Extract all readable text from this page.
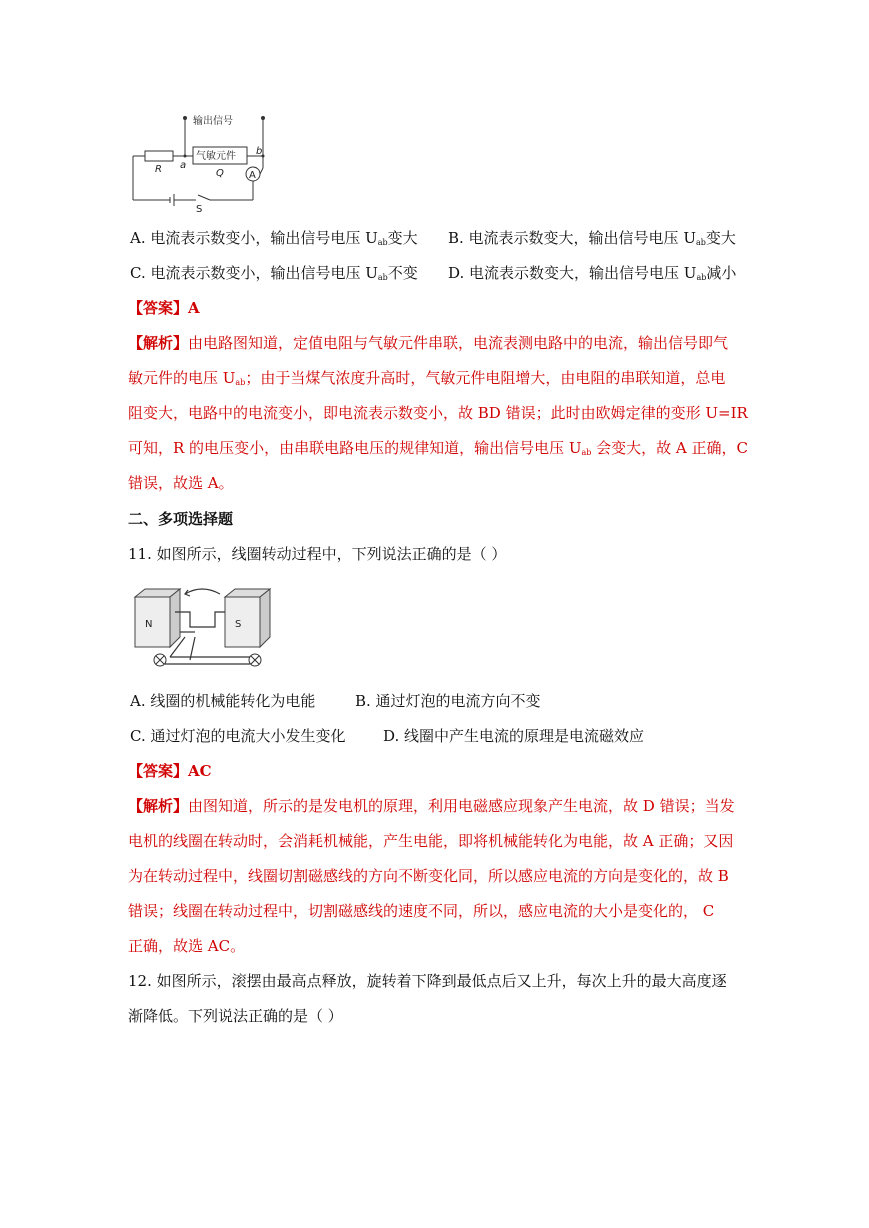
输出信号
气敏元件
R a
b
Q	A
S
A. 电流表示数变小，输出信号电压 $U_{ab}$变大 B. 电流表示数变大，输出信号电压 $U_{ab}$变大
C. 电流表示数变小，输出信号电压 $U_{ab}$不变 D. 电流表示数变大，输出信号电压 $U_{ab}$减小
【答案】A
【解析】由电路图知道，定值电阻与气敏元件串联，电流表测电路中的电流，输出信号即气
敏元件的电压 $U_{ab}$；由于当煤气浓度升高时，气敏元件电阻增大，由电阻的串联知道，总电
阻变大，电路中的电流变小，即电流表示数变小，故 BD 错误；此时由欧姆定律的变形 U=IR
可知，R 的电压变小，由串联电路电压的规律知道，输出信号电压 $U_{ab}$ 会变大，故 A 正确，C
错误，故选 A。
二、多项选择题
11. 如图所示，线圈转动过程中，下列说法正确的是（ ）
N	S
A. 线圈的机械能转化为电能	B. 通过灯泡的电流方向不变
C. 通过灯泡的电流大小发生变化	D. 线圈中产生电流的原理是电流磁效应
【答案】AC
【解析】由图知道，所示的是发电机的原理，利用电磁感应现象产生电流，故 D 错误；当发
电机的线圈在转动时，会消耗机械能，产生电能，即将机械能转化为电能，故 A 正确；又因
为在转动过程中，线圈切割磁感线的方向不断变化同，所以感应电流的方向是变化的，故 B
错误；线圈在转动过程中，切割磁感线的速度不同，所以，感应电流的大小是变化的， C
正确，故选 AC。
12. 如图所示，滚摆由最高点释放，旋转着下降到最低点后又上升，每次上升的最大高度逐
渐降低。下列说法正确的是（ ）
